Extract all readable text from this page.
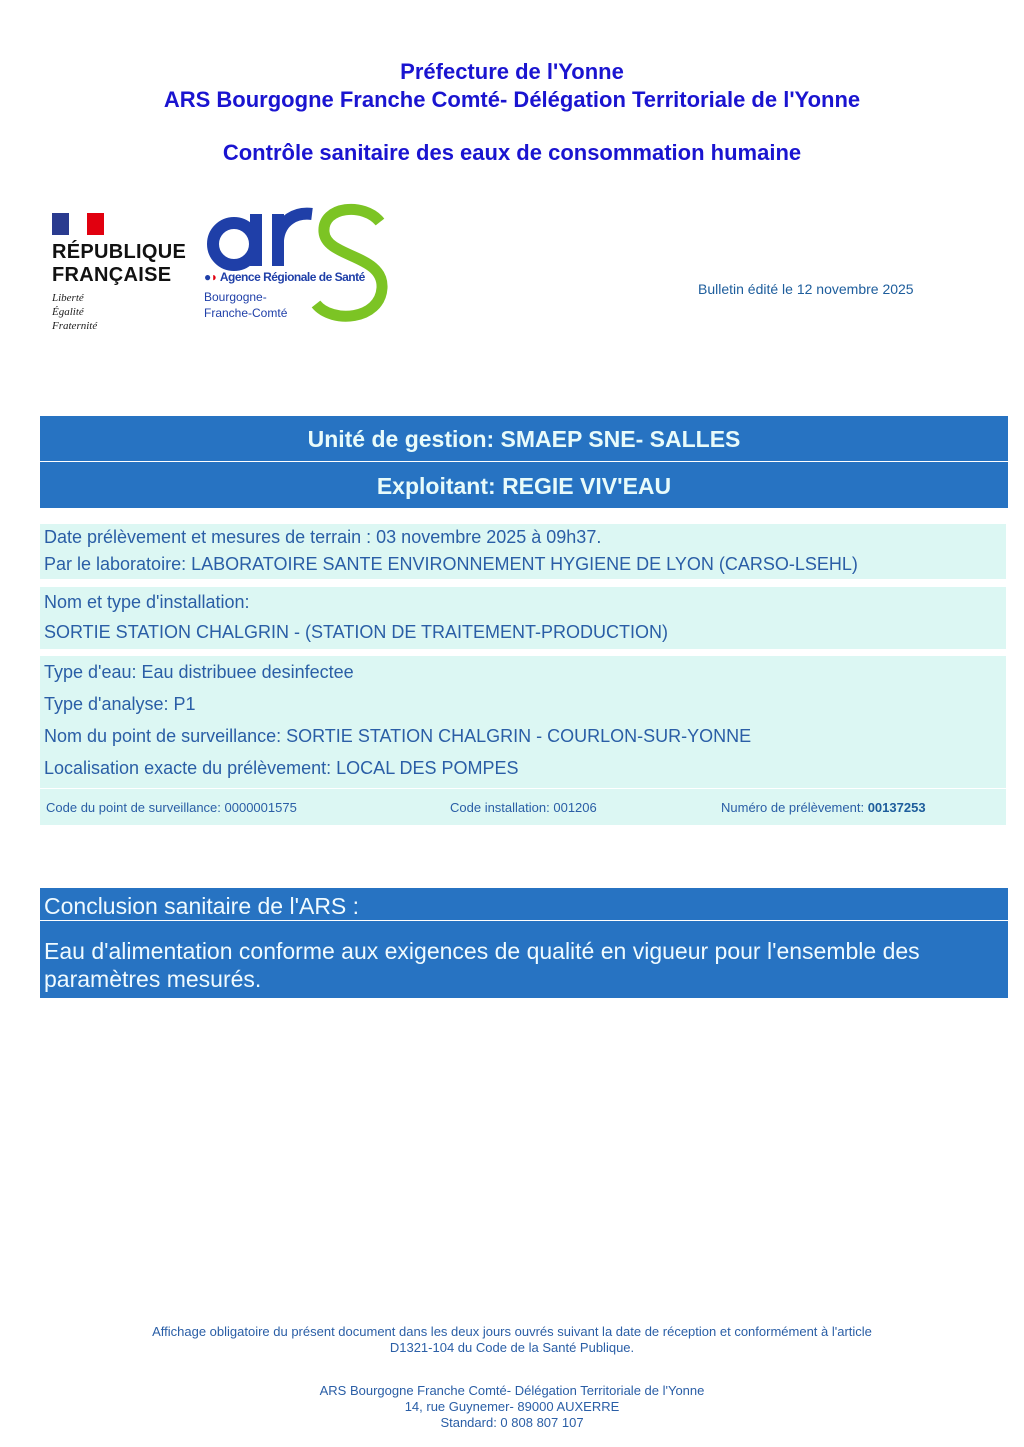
Préfecture de l'Yonne
ARS Bourgogne Franche Comté- Délégation Territoriale de l'Yonne
Contrôle sanitaire des eaux de consommation humaine
RÉPUBLIQUE
FRANÇAISE
Liberté
Égalité
Fraternité
●◗ Agence Régionale de Santé
Bourgogne-
Franche-Comté
Bulletin édité le 12 novembre 2025
Unité de gestion: SMAEP SNE- SALLES
Exploitant: REGIE VIV'EAU
Date prélèvement et mesures de terrain : 03 novembre 2025 à 09h37.
Par le laboratoire: LABORATOIRE SANTE ENVIRONNEMENT HYGIENE DE LYON (CARSO-LSEHL)
Nom et type d'installation:
SORTIE STATION CHALGRIN - (STATION DE TRAITEMENT-PRODUCTION)
Type d'eau: Eau distribuee desinfectee
Type d'analyse: P1
Nom du point de surveillance: SORTIE STATION CHALGRIN - COURLON-SUR-YONNE
Localisation exacte du prélèvement: LOCAL DES POMPES
Code du point de surveillance: 0000001575	Code installation: 001206	Numéro de prélèvement: 00137253
Conclusion sanitaire de l'ARS :
Eau d'alimentation conforme aux exigences de qualité en vigueur pour l'ensemble des paramètres mesurés.
Affichage obligatoire du présent document dans les deux jours ouvrés suivant la date de réception et conformément à l'article
D1321-104 du Code de la Santé Publique.
ARS Bourgogne Franche Comté- Délégation Territoriale de l'Yonne
14, rue Guynemer- 89000 AUXERRE
Standard: 0 808 807 107
